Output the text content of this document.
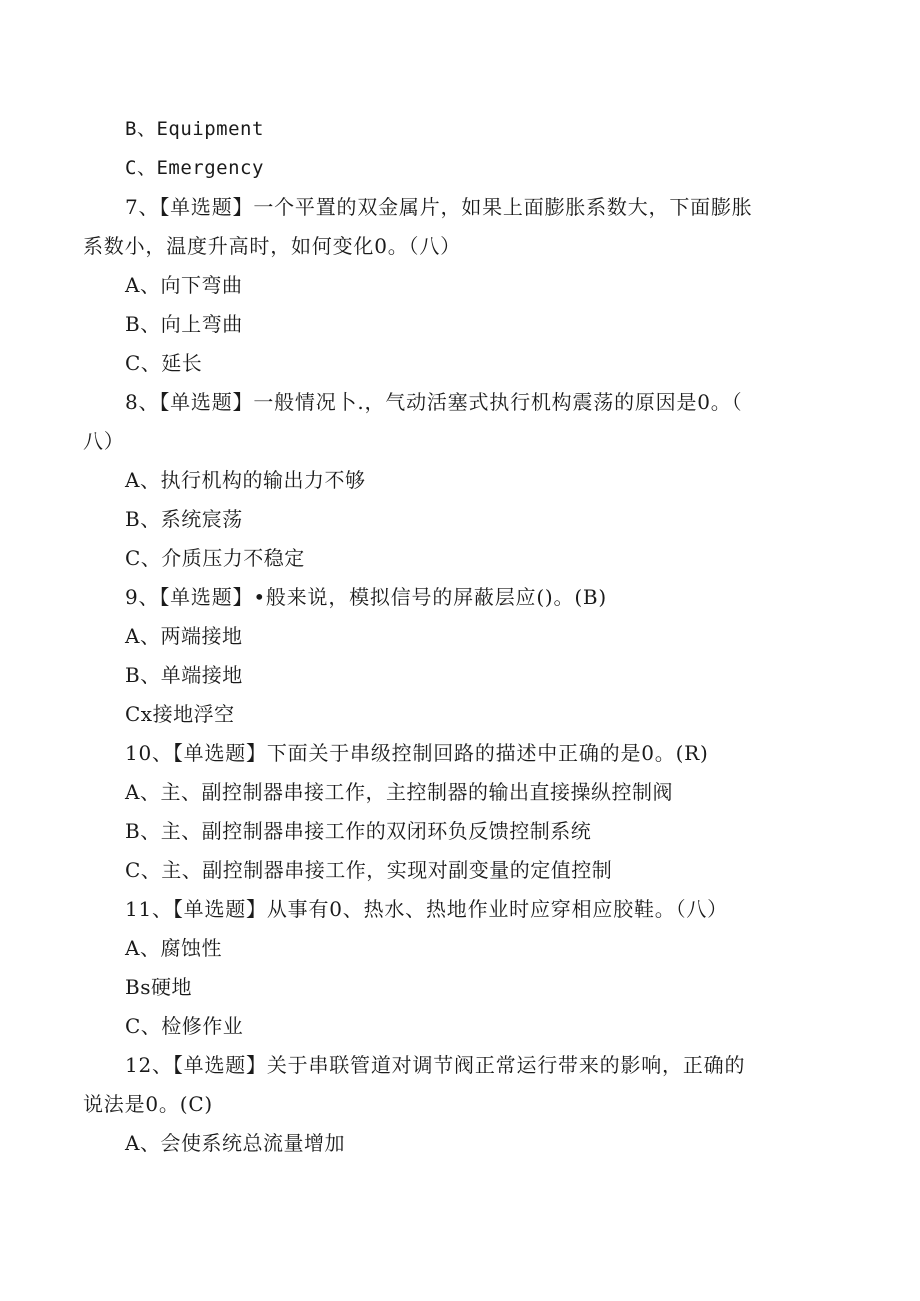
B、Equipment
C、Emergency
7、【单选题】一个平置的双金属片，如果上面膨胀系数大，下面膨胀
系数小，温度升高时，如何变化0。（八）
A、向下弯曲
B、向上弯曲
C、延长
8、【单选题】一般情况卜.，气动活塞式执行机构震荡的原因是0。（
八）
A、执行机构的输出力不够
B、系统宸荡
C、介质压力不稳定
9、【单选题】•般来说，模拟信号的屏蔽层应()。(B)
A、两端接地
B、单端接地
Cx接地浮空
10、【单选题】下面关于串级控制回路的描述中正确的是0。(R)
A、主、副控制器串接工作，主控制器的输出直接操纵控制阀
B、主、副控制器串接工作的双闭环负反馈控制系统
C、主、副控制器串接工作，实现对副变量的定值控制
11、【单选题】从事有0、热水、热地作业时应穿相应胶鞋。（八）
A、腐蚀性
Bs硬地
C、检修作业
12、【单选题】关于串联管道对调节阀正常运行带来的影响，正确的
说法是0。(C)
A、会使系统总流量增加
